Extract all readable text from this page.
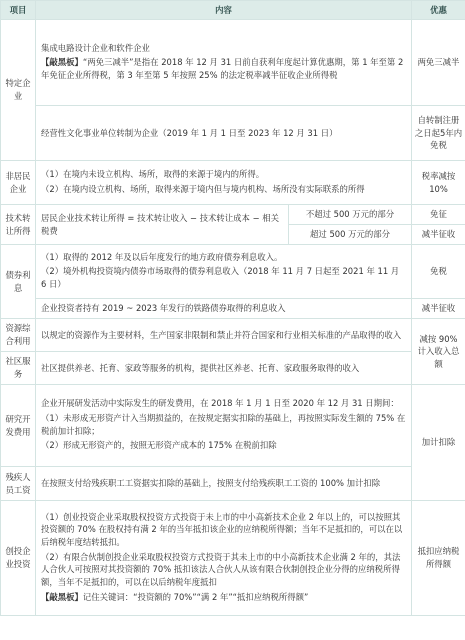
项目	内容		优惠
特定企业	集成电路设计企业和软件企业

【敲黑板】“两免三减半”是指在 2018 年 12 月 31 日前自获利年度起计算优惠期，第 1 年至第 2 年免征企业所得税，第 3 年至第 5 年按照 25% 的法定税率减半征收企业所得税		两免三减半
	经营性文化事业单位转制为企业（2019 年 1 月 1 日至 2023 年 12 月 31 日）		自转制注册之日起5年内免税
非居民企业	（1）在境内未设立机构、场所，取得的来源于境内的所得。

（2）在境内设立机构、场所，取得来源于境内但与境内机构、场所没有实际联系的所得		税率减按10%
技术转让所得	居民企业技术转让所得 = 技术转让收入 − 技术转让成本 − 相关税费	不超过 500 万元的部分	免征
		超过 500 万元的部分	减半征收
债券利息	（1）取得的 2012 年及以后年度发行的地方政府债券利息收入。

（2）境外机构投资境内债券市场取得的债券利息收入（2018 年 11 月 7 日起至 2021 年 11 月 6 日）		免税
	企业投资者持有 2019 ~ 2023 年发行的铁路债券取得的利息收入		减半征收
资源综合利用	以规定的资源作为主要材料，生产国家非限制和禁止并符合国家和行业相关标准的产品取得的收入		减按 90% 计入收入总额
社区服务	社区提供养老、托育、家政等服务的机构，提供社区养老、托育、家政服务取得的收入		
研究开发费用	企业开展研发活动中实际发生的研发费用，在 2018 年 1 月 1 日至 2020 年 12 月 31 日期间：

（1）未形成无形资产计入当期损益的，在按规定据实扣除的基础上，再按照实际发生额的 75% 在税前加计扣除；

（2）形成无形资产的，按照无形资产成本的 175% 在税前扣除		加计扣除
残疾人员工资	在按照支付给残疾职工工资据实扣除的基础上，按照支付给残疾职工工资的 100% 加计扣除		
创投企业投资	（1）创业投资企业采取股权投资方式投资于未上市的中小高新技术企业 2 年以上的，可以按照其投资额的 70% 在股权持有满 2 年的当年抵扣该企业的应纳税所得额；当年不足抵扣的，可以在以后纳税年度结转抵扣。

（2）有限合伙制创投企业采取股权投资方式投资于其未上市的中小高新技术企业满 2 年的，其法人合伙人可按照对其投资额的 70% 抵扣该法人合伙人从该有限合伙制创投企业分得的应纳税所得额，当年不足抵扣的，可以在以后纳税年度抵扣

【敲黑板】记住关键词：“投资额的 70%”“满 2 年”“抵扣应纳税所得额”		抵扣应纳税所得额
